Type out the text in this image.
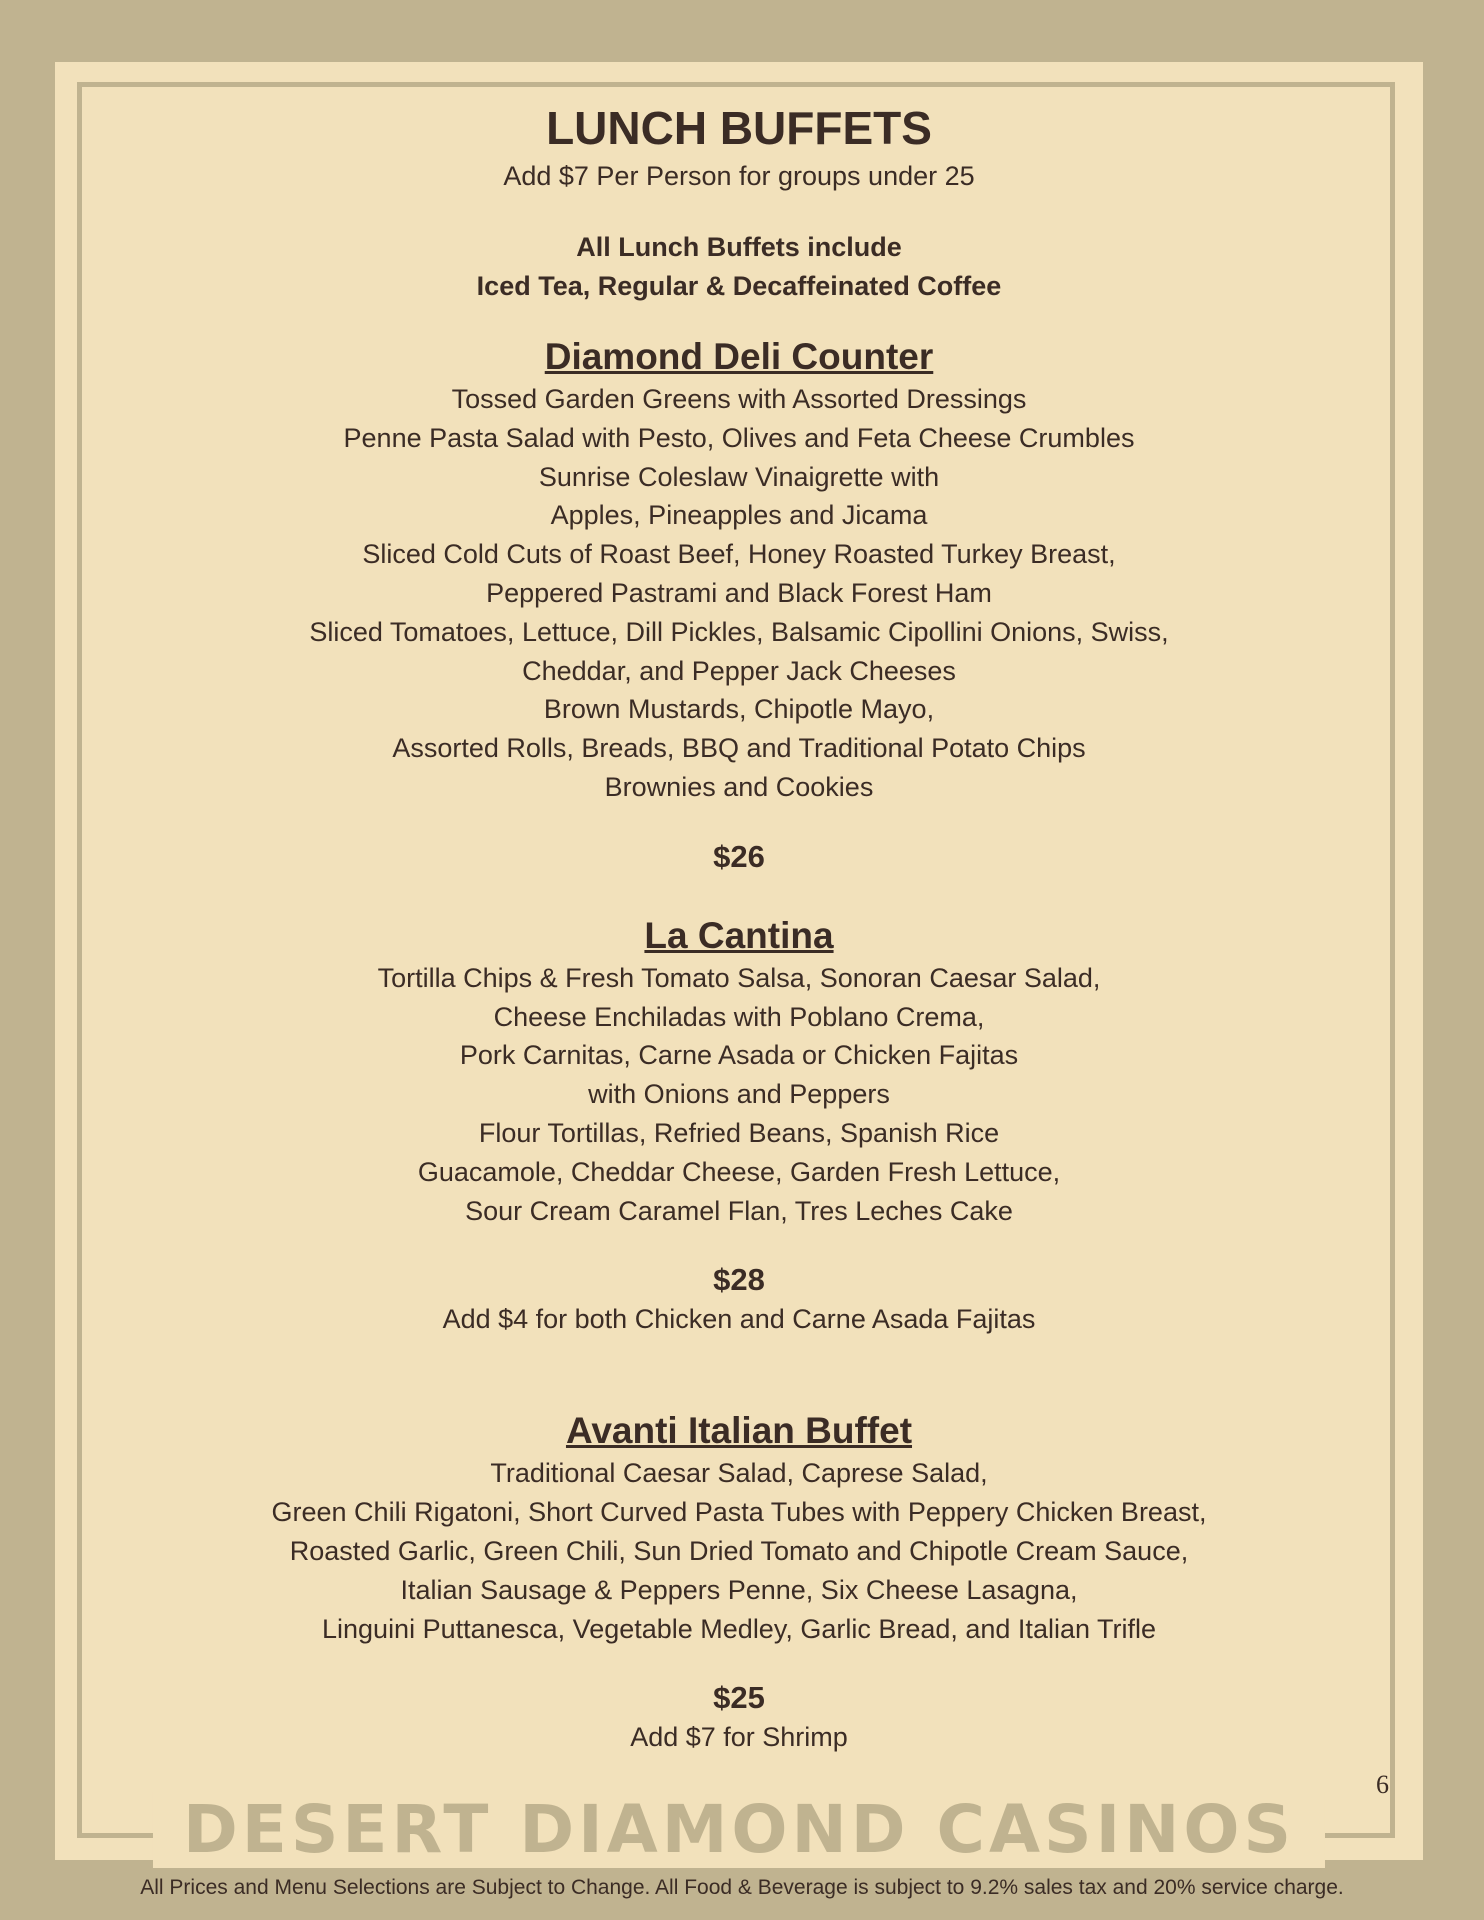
LUNCH BUFFETS
Add $7 Per Person for groups under 25
All Lunch Buffets include
Iced Tea, Regular & Decaffeinated Coffee
Diamond Deli Counter
Tossed Garden Greens with Assorted Dressings
Penne Pasta Salad with Pesto, Olives and Feta Cheese Crumbles
Sunrise Coleslaw Vinaigrette with
Apples, Pineapples and Jicama
Sliced Cold Cuts of Roast Beef, Honey Roasted Turkey Breast,
Peppered Pastrami and Black Forest Ham
Sliced Tomatoes, Lettuce, Dill Pickles, Balsamic Cipollini Onions, Swiss,
Cheddar, and Pepper Jack Cheeses
Brown Mustards, Chipotle Mayo,
Assorted Rolls, Breads, BBQ and Traditional Potato Chips
Brownies and Cookies
$26
La Cantina
Tortilla Chips & Fresh Tomato Salsa, Sonoran Caesar Salad,
Cheese Enchiladas with Poblano Crema,
Pork Carnitas, Carne Asada or Chicken Fajitas
with Onions and Peppers
Flour Tortillas, Refried Beans, Spanish Rice
Guacamole, Cheddar Cheese, Garden Fresh Lettuce,
Sour Cream Caramel Flan, Tres Leches Cake
$28
Add $4 for both Chicken and Carne Asada Fajitas
Avanti Italian Buffet
Traditional Caesar Salad, Caprese Salad,
Green Chili Rigatoni, Short Curved Pasta Tubes with Peppery Chicken Breast,
Roasted Garlic, Green Chili, Sun Dried Tomato and Chipotle Cream Sauce,
Italian Sausage & Peppers Penne, Six Cheese Lasagna,
Linguini Puttanesca, Vegetable Medley, Garlic Bread, and Italian Trifle
$25
Add $7 for Shrimp
DESERT DIAMOND CASINOS
6
All Prices and Menu Selections are Subject to Change. All Food & Beverage is subject to 9.2% sales tax and 20% service charge.
